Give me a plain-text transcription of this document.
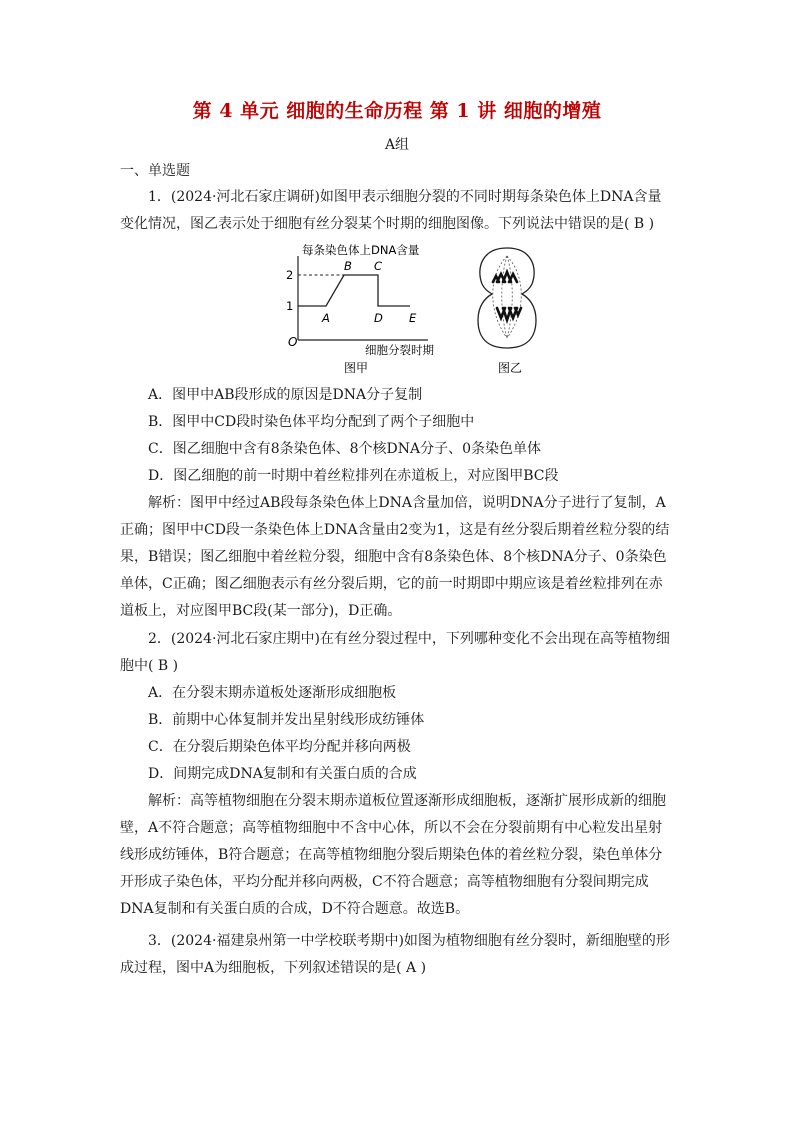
第 4 单元 细胞的生命历程 第 1 讲 细胞的增殖
A组
一、单选题

1．(2024·河北石家庄调研)如图甲表示细胞分裂的不同时期每条染色体上DNA含量变化情况，图乙表示处于细胞有丝分裂某个时期的细胞图像。下列说法中错误的是( B )

O
每条染色体上DNA含量
细胞分裂时期
1
2
A
B C
D E
图甲	图乙

A．图甲中AB段形成的原因是DNA分子复制

B．图甲中CD段时染色体平均分配到了两个子细胞中

C．图乙细胞中含有8条染色体、8个核DNA分子、0条染色单体

D．图乙细胞的前一时期中着丝粒排列在赤道板上，对应图甲BC段

解析：图甲中经过AB段每条染色体上DNA含量加倍，说明DNA分子进行了复制，A正确；图甲中CD段一条染色体上DNA含量由2变为1，这是有丝分裂后期着丝粒分裂的结果，B错误；图乙细胞中着丝粒分裂，细胞中含有8条染色体、8个核DNA分子、0条染色单体，C正确；图乙细胞表示有丝分裂后期，它的前一时期即中期应该是着丝粒排列在赤道板上，对应图甲BC段(某一部分)，D正确。

2．(2024·河北石家庄期中)在有丝分裂过程中，下列哪种变化不会出现在高等植物细胞中( B )

A．在分裂末期赤道板处逐渐形成细胞板

B．前期中心体复制并发出星射线形成纺锤体

C．在分裂后期染色体平均分配并移向两极

D．间期完成DNA复制和有关蛋白质的合成

解析：高等植物细胞在分裂末期赤道板位置逐渐形成细胞板，逐渐扩展形成新的细胞壁，A不符合题意；高等植物细胞中不含中心体，所以不会在分裂前期有中心粒发出星射线形成纺锤体，B符合题意；在高等植物细胞分裂后期染色体的着丝粒分裂，染色单体分开形成子染色体，平均分配并移向两极，C不符合题意；高等植物细胞有分裂间期完成DNA复制和有关蛋白质的合成，D不符合题意。故选B。

3．(2024·福建泉州第一中学校联考期中)如图为植物细胞有丝分裂时，新细胞壁的形成过程，图中A为细胞板，下列叙述错误的是( A )
